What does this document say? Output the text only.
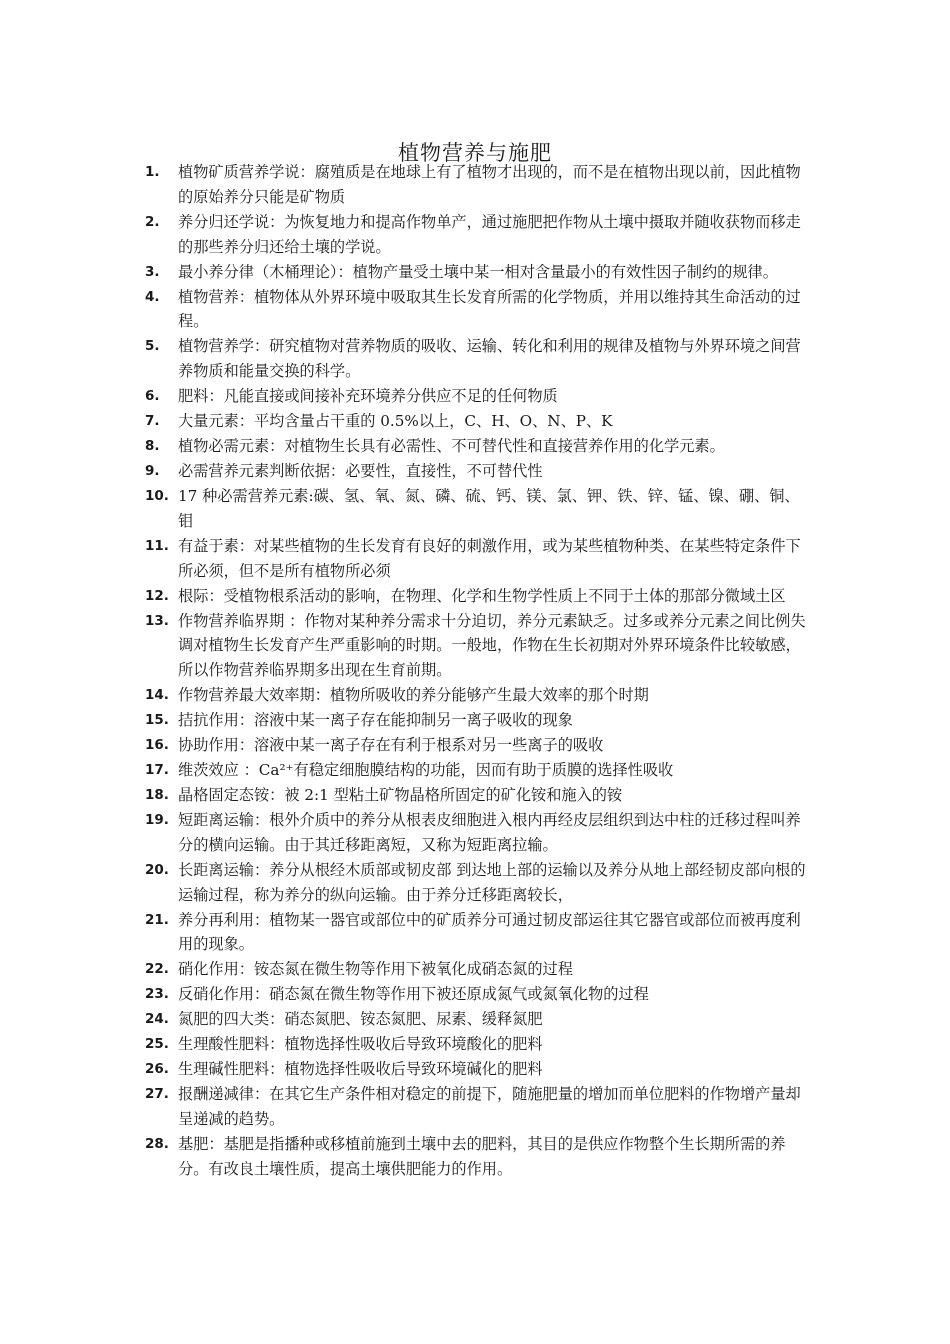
植物营养与施肥
1. 植物矿质营养学说：腐殖质是在地球上有了植物才出现的，而不是在植物出现以前，因此植物的原始养分只能是矿物质
2. 养分归还学说：为恢复地力和提高作物单产，通过施肥把作物从土壤中摄取并随收获物而移走的那些养分归还给土壤的学说。
3. 最小养分律（木桶理论）：植物产量受土壤中某一相对含量最小的有效性因子制约的规律。
4. 植物营养：植物体从外界环境中吸取其生长发育所需的化学物质，并用以维持其生命活动的过程。
5. 植物营养学：研究植物对营养物质的吸收、运输、转化和利用的规律及植物与外界环境之间营养物质和能量交换的科学。
6. 肥料：凡能直接或间接补充环境养分供应不足的任何物质
7. 大量元素：平均含量占干重的 0.5%以上，C、H、O、N、P、K
8. 植物必需元素：对植物生长具有必需性、不可替代性和直接营养作用的化学元素。
9. 必需营养元素判断依据：必要性，直接性，不可替代性
10. 17 种必需营养元素:碳、氢、氧、氮、磷、硫、钙、镁、氯、钾、铁、锌、锰、镍、硼、铜、钼
11. 有益于素：对某些植物的生长发育有良好的刺激作用，或为某些植物种类、在某些特定条件下所必须，但不是所有植物所必须
12. 根际：受植物根系活动的影响，在物理、化学和生物学性质上不同于土体的那部分微域土区
13. 作物营养临界期 ：作物对某种养分需求十分迫切，养分元素缺乏。过多或养分元素之间比例失调对植物生长发育产生严重影响的时期。一般地，作物在生长初期对外界环境条件比较敏感，所以作物营养临界期多出现在生育前期。
14. 作物营养最大效率期：植物所吸收的养分能够产生最大效率的那个时期
15. 拮抗作用：溶液中某一离子存在能抑制另一离子吸收的现象
16. 协助作用：溶液中某一离子存在有利于根系对另一些离子的吸收
17. 维茨效应 ：Ca²⁺有稳定细胞膜结构的功能，因而有助于质膜的选择性吸收
18. 晶格固定态铵：被 2:1 型粘土矿物晶格所固定的矿化铵和施入的铵
19. 短距离运输：根外介质中的养分从根表皮细胞进入根内再经皮层组织到达中柱的迁移过程叫养分的横向运输。由于其迁移距离短，又称为短距离拉输。
20. 长距离运输：养分从根经木质部或韧皮部 到达地上部的运输以及养分从地上部经韧皮部向根的运输过程，称为养分的纵向运输。由于养分迁移距离较长，
21. 养分再利用：植物某一器官或部位中的矿质养分可通过韧皮部运往其它器官或部位而被再度利用的现象。
22. 硝化作用：铵态氮在微生物等作用下被氧化成硝态氮的过程
23. 反硝化作用：硝态氮在微生物等作用下被还原成氮气或氮氧化物的过程
24. 氮肥的四大类：硝态氮肥、铵态氮肥、尿素、缓释氮肥
25. 生理酸性肥料：植物选择性吸收后导致环境酸化的肥料
26. 生理碱性肥料：植物选择性吸收后导致环境碱化的肥料
27. 报酬递减律：在其它生产条件相对稳定的前提下，随施肥量的增加而单位肥料的作物增产量却呈递减的趋势。
28. 基肥：基肥是指播种或移植前施到土壤中去的肥料，其目的是供应作物整个生长期所需的养分。有改良土壤性质，提高土壤供肥能力的作用。
